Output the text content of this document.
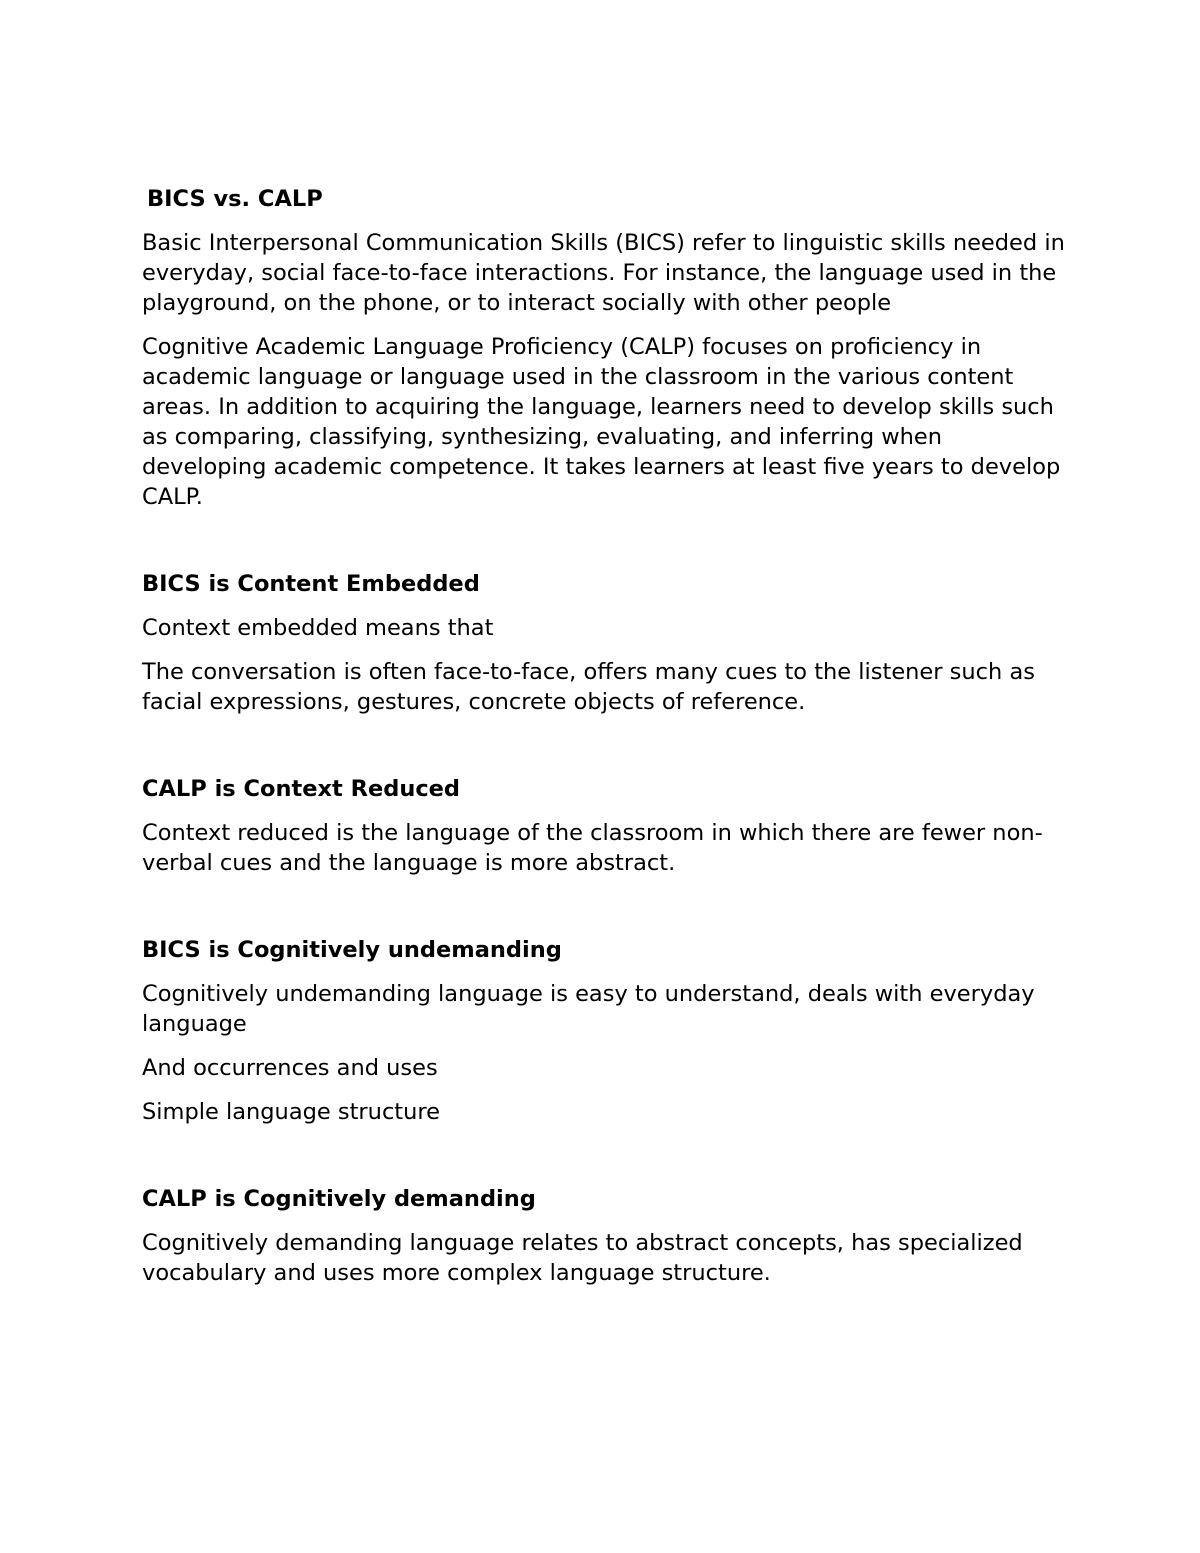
BICS vs. CALP

Basic Interpersonal Communication Skills (BICS) refer to linguistic skills needed in everyday, social face-to-face interactions. For instance, the language used in the playground, on the phone, or to interact socially with other people

Cognitive Academic Language Proficiency (CALP) focuses on proficiency in academic language or language used in the classroom in the various content areas. In addition to acquiring the language, learners need to develop skills such as comparing, classifying, synthesizing, evaluating, and inferring when developing academic competence. It takes learners at least five years to develop CALP.

BICS is Content Embedded

Context embedded means that

The conversation is often face-to-face, offers many cues to the listener such as facial expressions, gestures, concrete objects of reference.

CALP is Context Reduced

Context reduced is the language of the classroom in which there are fewer non-verbal cues and the language is more abstract.

BICS is Cognitively undemanding

Cognitively undemanding language is easy to understand, deals with everyday language

And occurrences and uses

Simple language structure

CALP is Cognitively demanding

Cognitively demanding language relates to abstract concepts, has specialized vocabulary and uses more complex language structure.
